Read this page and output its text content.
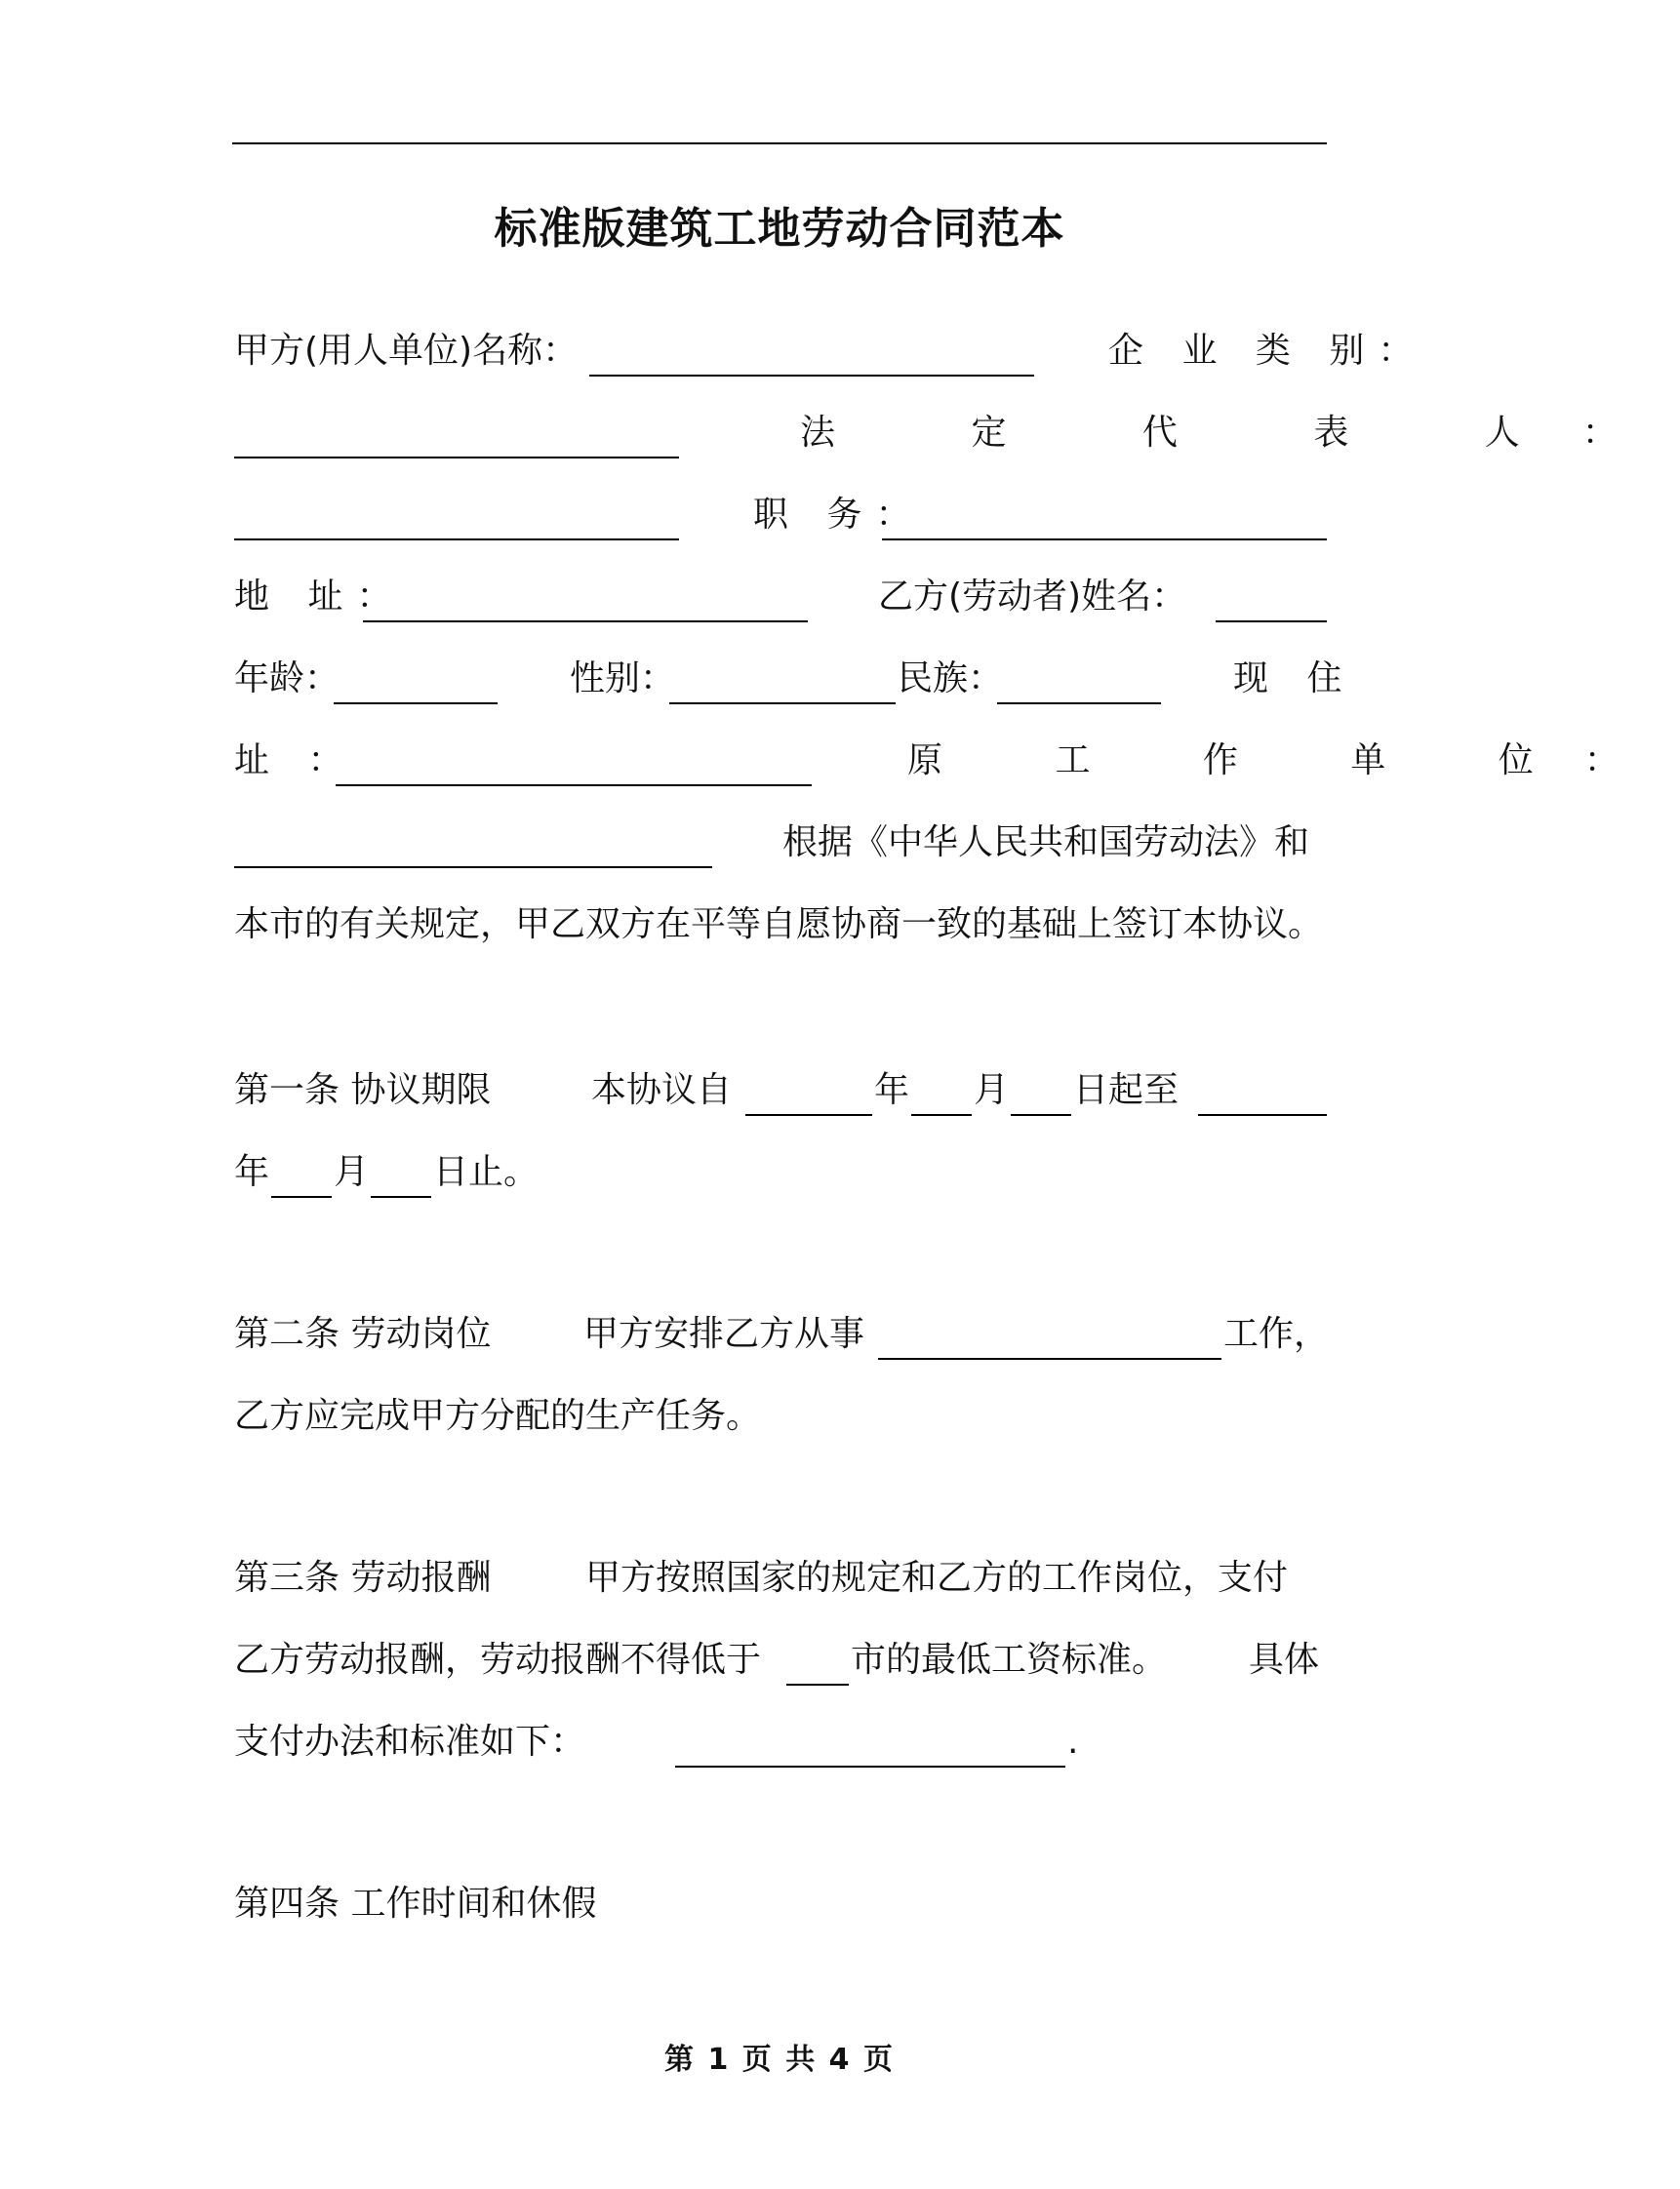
标准版建筑工地劳动合同范本
甲方(用人单位)名称：	企 业 类 别：
法 定 代 表 人：
职 务：
地 址：	乙方(劳动者)姓名：
年龄：	性别：	民族：	现 住
址 ：	原 工 作 单 位：
根据《中华人民共和国劳动法》和
本市的有关规定，甲乙双方在平等自愿协商一致的基础上签订本协议。
第一条 协议期限	本协议自	年 月 日起至
年 月 日止。
第二条 劳动岗位	甲方安排乙方从事	工作，
乙方应完成甲方分配的生产任务。
第三条 劳动报酬	甲方按照国家的规定和乙方的工作岗位，支付
乙方劳动报酬，劳动报酬不得低于	市的最低工资标准。 具体
支付办法和标准如下：	.
第四条 工作时间和休假
第 1 页 共 4 页
